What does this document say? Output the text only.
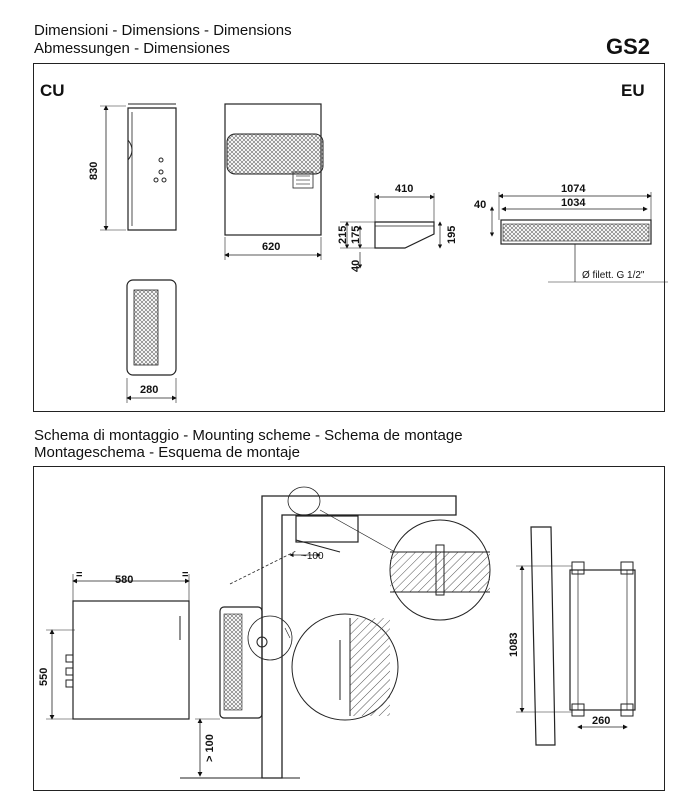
Dimensioni - Dimensions - Dimensions
Abmessungen - Dimensiones	GS2
Schema di montaggio - Mounting scheme - Schema de montage
Montageschema - Esquema de montaje
CU	EU
830
620
280
410
215 175	195
40
1074
1034
40
Ø filett. G 1/2"
=	=
580
550
~100
> 100
1083
260
